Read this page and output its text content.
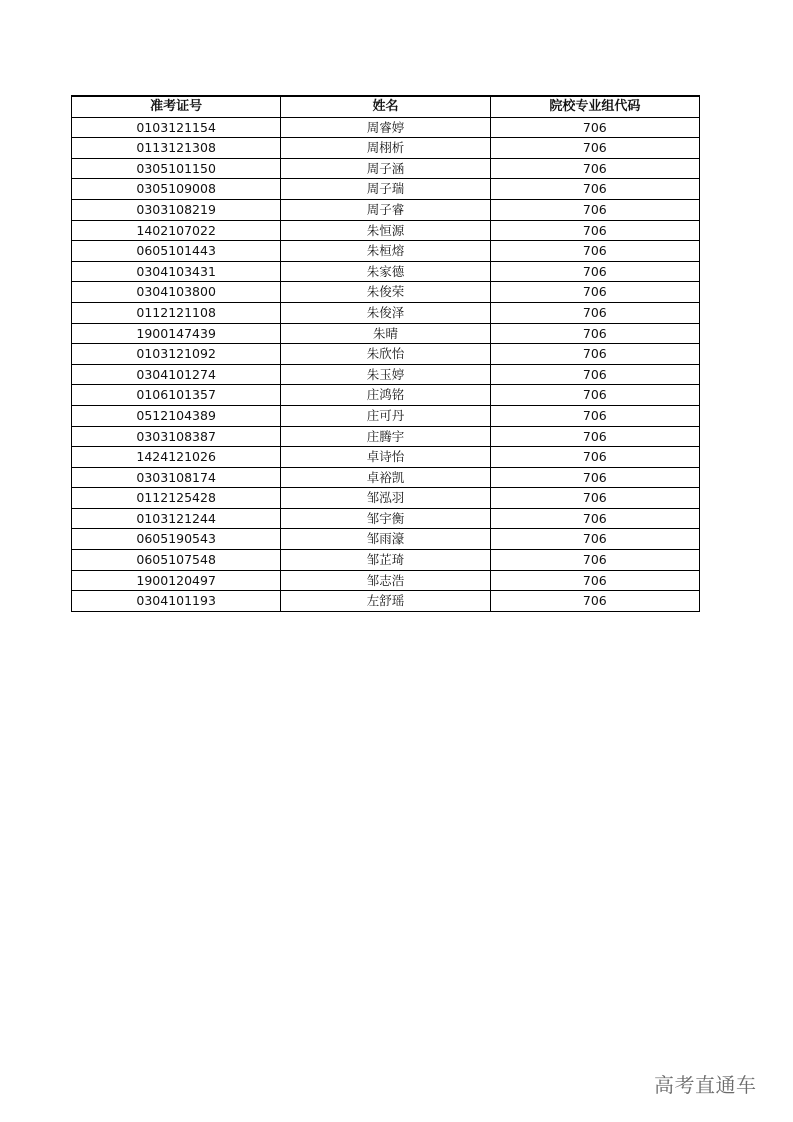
准考证号	姓名	院校专业组代码
0103121154	周睿婷	706
0113121308	周栩析	706
0305101150	周子涵	706
0305109008	周子瑞	706
0303108219	周子睿	706
1402107022	朱恒源	706
0605101443	朱桓熔	706
0304103431	朱家德	706
0304103800	朱俊荣	706
0112121108	朱俊泽	706
1900147439	朱晴	706
0103121092	朱欣怡	706
0304101274	朱玉婷	706
0106101357	庄鸿铭	706
0512104389	庄可丹	706
0303108387	庄腾宇	706
1424121026	卓诗怡	706
0303108174	卓裕凯	706
0112125428	邹泓羽	706
0103121244	邹宇衡	706
0605190543	邹雨濠	706
0605107548	邹芷琦	706
1900120497	邹志浩	706
0304101193	左舒瑶	706
高考直通车
